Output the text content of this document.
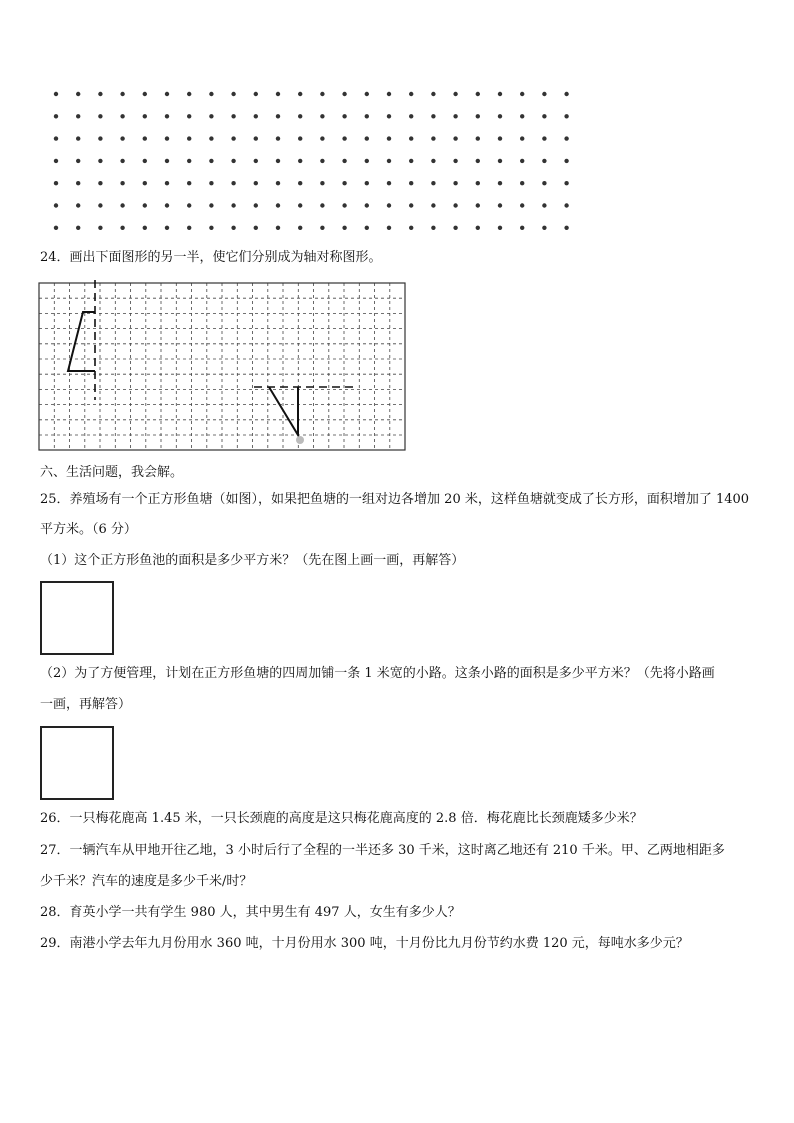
24．画出下面图形的另一半，使它们分别成为轴对称图形。
六、生活问题，我会解。
25．养殖场有一个正方形鱼塘（如图），如果把鱼塘的一组对边各增加 20 米，这样鱼塘就变成了长方形，面积增加了 1400
平方米。（6 分）
（1）这个正方形鱼池的面积是多少平方米？（先在图上画一画，再解答）
（2）为了方便管理，计划在正方形鱼塘的四周加铺一条 1 米宽的小路。这条小路的面积是多少平方米？（先将小路画
一画，再解答）
26．一只梅花鹿高 1.45 米，一只长颈鹿的高度是这只梅花鹿高度的 2.8 倍．梅花鹿比长颈鹿矮多少米？
27．一辆汽车从甲地开往乙地，3 小时后行了全程的一半还多 30 千米，这时离乙地还有 210 千米。甲、乙两地相距多
少千米？汽车的速度是多少千米/时？
28．育英小学一共有学生 980 人，其中男生有 497 人，女生有多少人？
29．南港小学去年九月份用水 360 吨，十月份用水 300 吨，十月份比九月份节约水费 120 元，每吨水多少元？
